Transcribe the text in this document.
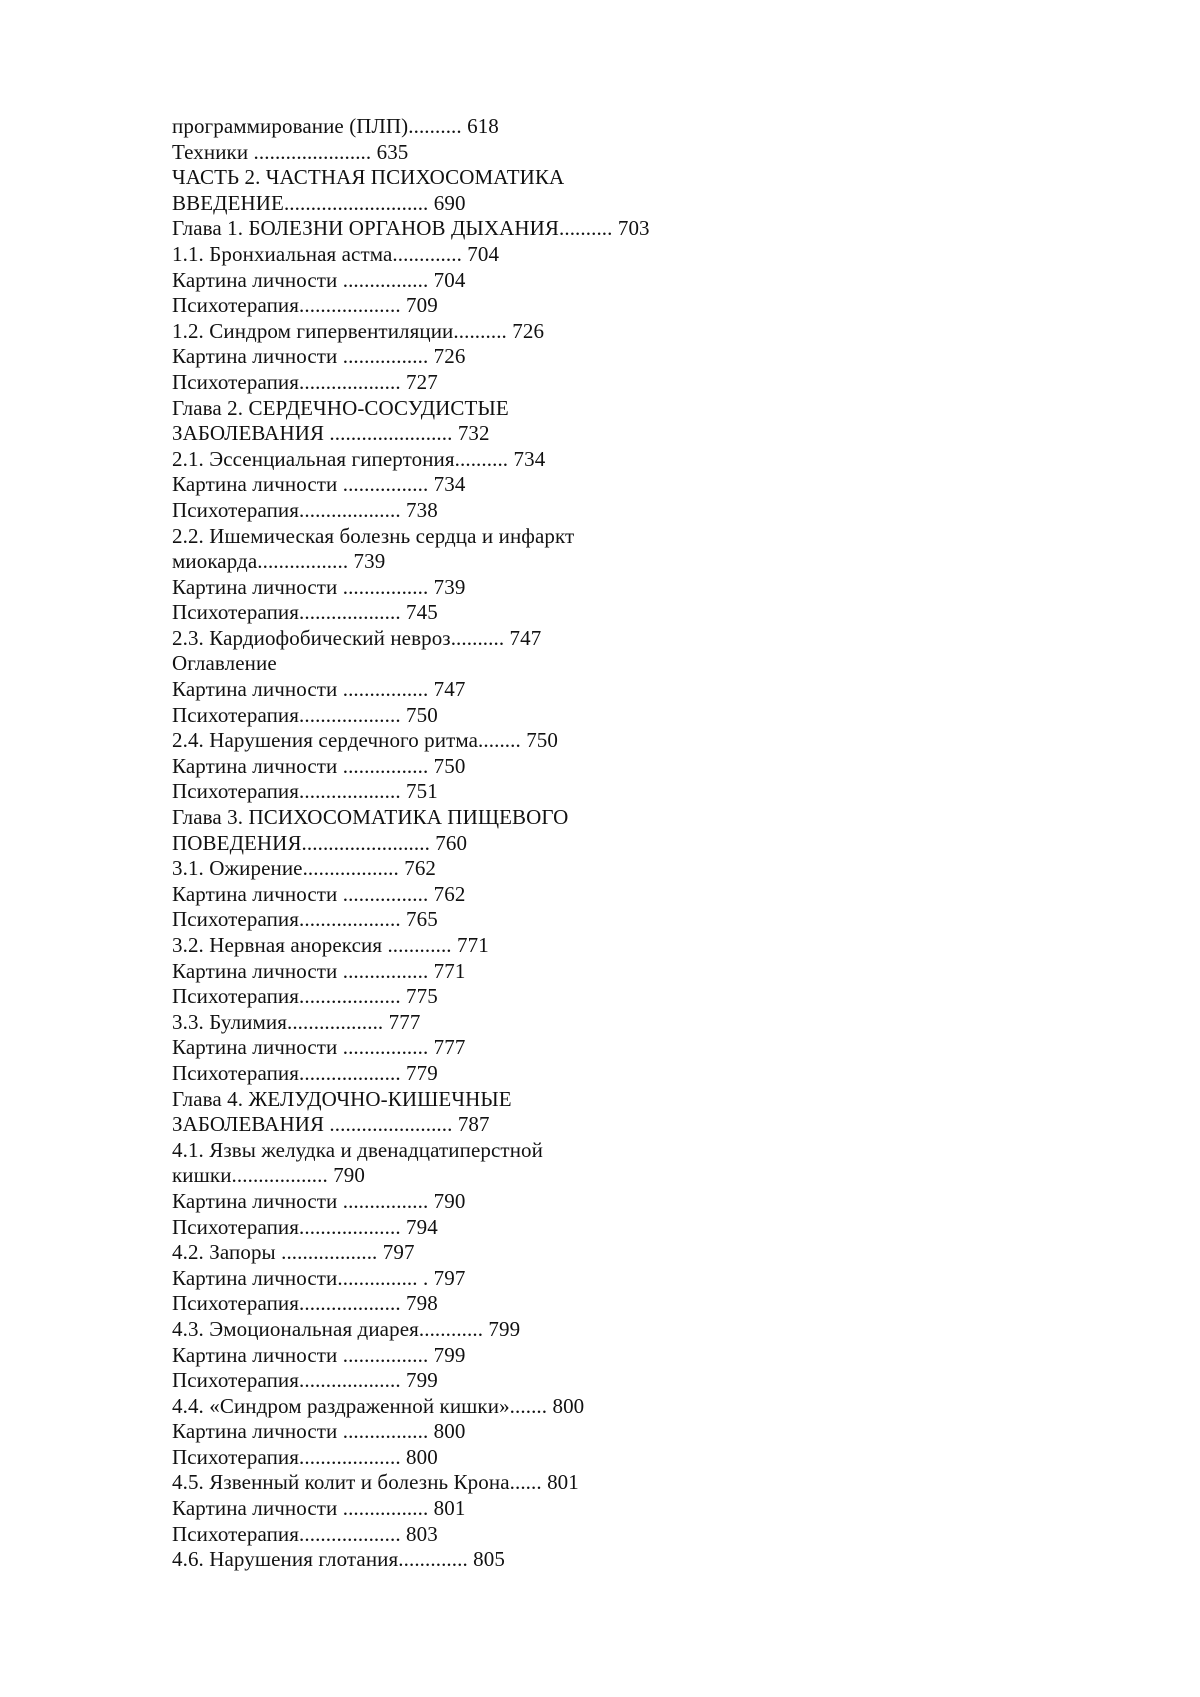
программирование (ПЛП).......... 618
Техники ...................... 635
ЧАСТЬ 2. ЧАСТНАЯ ПСИХОСОМАТИКА
ВВЕДЕНИЕ........................... 690
Глава 1. БОЛЕЗНИ ОРГАНОВ ДЫХАНИЯ.......... 703
1.1. Бронхиальная астма............. 704
Картина личности ................ 704
Психотерапия................... 709
1.2. Синдром гипервентиляции.......... 726
Картина личности ................ 726
Психотерапия................... 727
Глава 2. СЕРДЕЧНО-СОСУДИСТЫЕ
ЗАБОЛЕВАНИЯ ....................... 732
2.1. Эссенциальная гипертония.......... 734
Картина личности ................ 734
Психотерапия................... 738
2.2. Ишемическая болезнь сердца и инфаркт
миокарда................. 739
Картина личности ................ 739
Психотерапия................... 745
2.3. Кардиофобический невроз.......... 747
Оглавление
Картина личности ................ 747
Психотерапия................... 750
2.4. Нарушения сердечного ритма........ 750
Картина личности ................ 750
Психотерапия................... 751
Глава 3. ПСИХОСОМАТИКА ПИЩЕВОГО
ПОВЕДЕНИЯ........................ 760
3.1. Ожирение.................. 762
Картина личности ................ 762
Психотерапия................... 765
3.2. Нервная анорексия ............ 771
Картина личности ................ 771
Психотерапия................... 775
3.3. Булимия.................. 777
Картина личности ................ 777
Психотерапия................... 779
Глава 4. ЖЕЛУДОЧНО-КИШЕЧНЫЕ
ЗАБОЛЕВАНИЯ ....................... 787
4.1. Язвы желудка и двенадцатиперстной
кишки.................. 790
Картина личности ................ 790
Психотерапия................... 794
4.2. Запоры .................. 797
Картина личности............... . 797
Психотерапия................... 798
4.3. Эмоциональная диарея............ 799
Картина личности ................ 799
Психотерапия................... 799
4.4. «Синдром раздраженной кишки»....... 800
Картина личности ................ 800
Психотерапия................... 800
4.5. Язвенный колит и болезнь Крона...... 801
Картина личности ................ 801
Психотерапия................... 803
4.6. Нарушения глотания............. 805
